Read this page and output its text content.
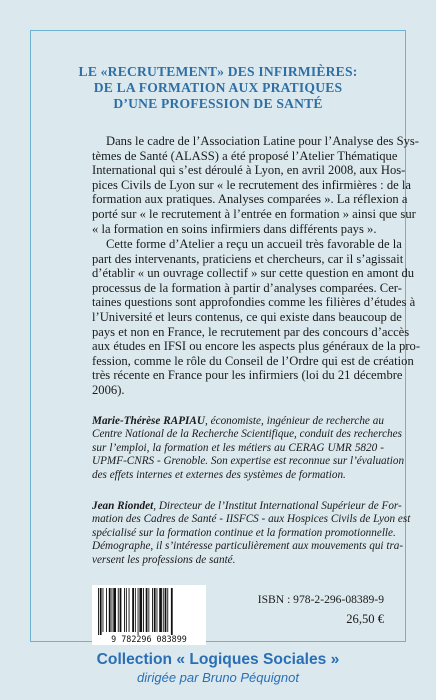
LE «RECRUTEMENT» DES INFIRMIÈRES:
DE LA FORMATION AUX PRATIQUES
D’UNE PROFESSION DE SANTÉ
Dans le cadre de l’Association Latine pour l’Analyse des Sys-
tèmes de Santé (ALASS) a été proposé l’Atelier Thématique
International qui s’est déroulé à Lyon, en avril 2008, aux Hos-
pices Civils de Lyon sur « le recrutement des infirmières : de la
formation aux pratiques. Analyses comparées ». La réflexion a
porté sur « le recrutement à l’entrée en formation » ainsi que sur
« la formation en soins infirmiers dans différents pays ».
Cette forme d’Atelier a reçu un accueil très favorable de la
part des intervenants, praticiens et chercheurs, car il s’agissait
d’établir « un ouvrage collectif » sur cette question en amont du
processus de la formation à partir d’analyses comparées. Cer-
taines questions sont approfondies comme les filières d’études à
l’Université et leurs contenus, ce qui existe dans beaucoup de
pays et non en France, le recrutement par des concours d’accès
aux études en IFSI ou encore les aspects plus généraux de la pro-
fession, comme le rôle du Conseil de l’Ordre qui est de création
très récente en France pour les infirmiers (loi du 21 décembre
2006).
Marie-Thérèse RAPIAU, économiste, ingénieur de recherche au
Centre National de la Recherche Scientifique, conduit des recherches
sur l’emploi, la formation et les métiers au CERAG UMR 5820 -
UPMF-CNRS - Grenoble. Son expertise est reconnue sur l’évaluation
des effets internes et externes des systèmes de formation.
Jean Riondet, Directeur de l’Institut International Supérieur de For-
mation des Cadres de Santé - IISFCS - aux Hospices Civils de Lyon est
spécialisé sur la formation continue et la formation promotionnelle.
Démographe, il s’intéresse particulièrement aux mouvements qui tra-
versent les professions de santé.
9 782296 083899
ISBN : 978-2-296-08389-9
26,50 €
Collection « Logiques Sociales »
dirigée par Bruno Péquignot
